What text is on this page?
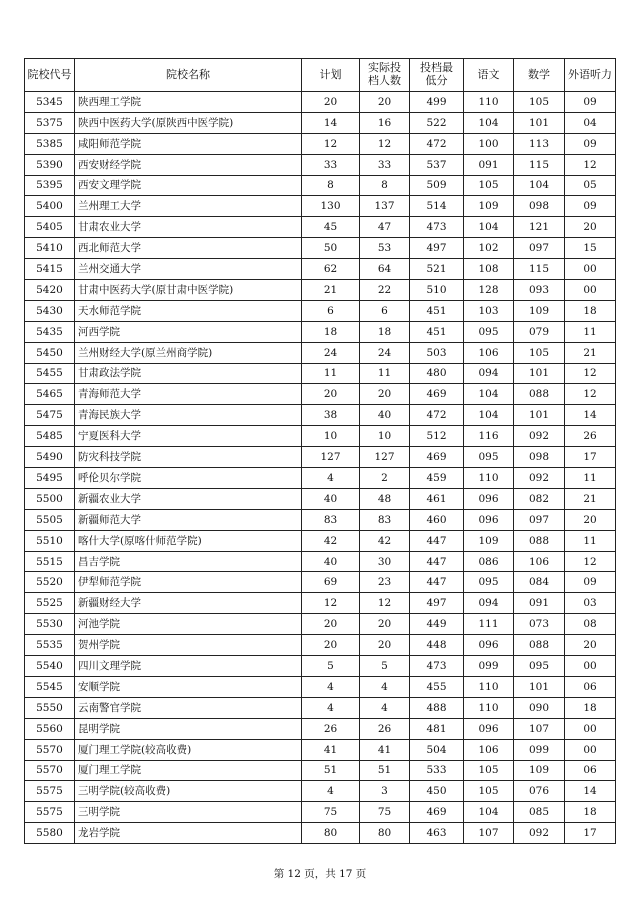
院校代号	院校名称	计划	实际投档人数	投档最低分	语文	数学	外语听力
5345	陕西理工学院	20	20	499	110	105	09
5375	陕西中医药大学(原陕西中医学院)	14	16	522	104	101	04
5385	咸阳师范学院	12	12	472	100	113	09
5390	西安财经学院	33	33	537	091	115	12
5395	西安文理学院	8	8	509	105	104	05
5400	兰州理工大学	130	137	514	109	098	09
5405	甘肃农业大学	45	47	473	104	121	20
5410	西北师范大学	50	53	497	102	097	15
5415	兰州交通大学	62	64	521	108	115	00
5420	甘肃中医药大学(原甘肃中医学院)	21	22	510	128	093	00
5430	天水师范学院	6	6	451	103	109	18
5435	河西学院	18	18	451	095	079	11
5450	兰州财经大学(原兰州商学院)	24	24	503	106	105	21
5455	甘肃政法学院	11	11	480	094	101	12
5465	青海师范大学	20	20	469	104	088	12
5475	青海民族大学	38	40	472	104	101	14
5485	宁夏医科大学	10	10	512	116	092	26
5490	防灾科技学院	127	127	469	095	098	17
5495	呼伦贝尔学院	4	2	459	110	092	11
5500	新疆农业大学	40	48	461	096	082	21
5505	新疆师范大学	83	83	460	096	097	20
5510	喀什大学(原喀什师范学院)	42	42	447	109	088	11
5515	昌吉学院	40	30	447	086	106	12
5520	伊犁师范学院	69	23	447	095	084	09
5525	新疆财经大学	12	12	497	094	091	03
5530	河池学院	20	20	449	111	073	08
5535	贺州学院	20	20	448	096	088	20
5540	四川文理学院	5	5	473	099	095	00
5545	安顺学院	4	4	455	110	101	06
5550	云南警官学院	4	4	488	110	090	18
5560	昆明学院	26	26	481	096	107	00
5570	厦门理工学院(较高收费)	41	41	504	106	099	00
5570	厦门理工学院	51	51	533	105	109	06
5575	三明学院(较高收费)	4	3	450	105	076	14
5575	三明学院	75	75	469	104	085	18
5580	龙岩学院	80	80	463	107	092	17
第 12 页，共 17 页
